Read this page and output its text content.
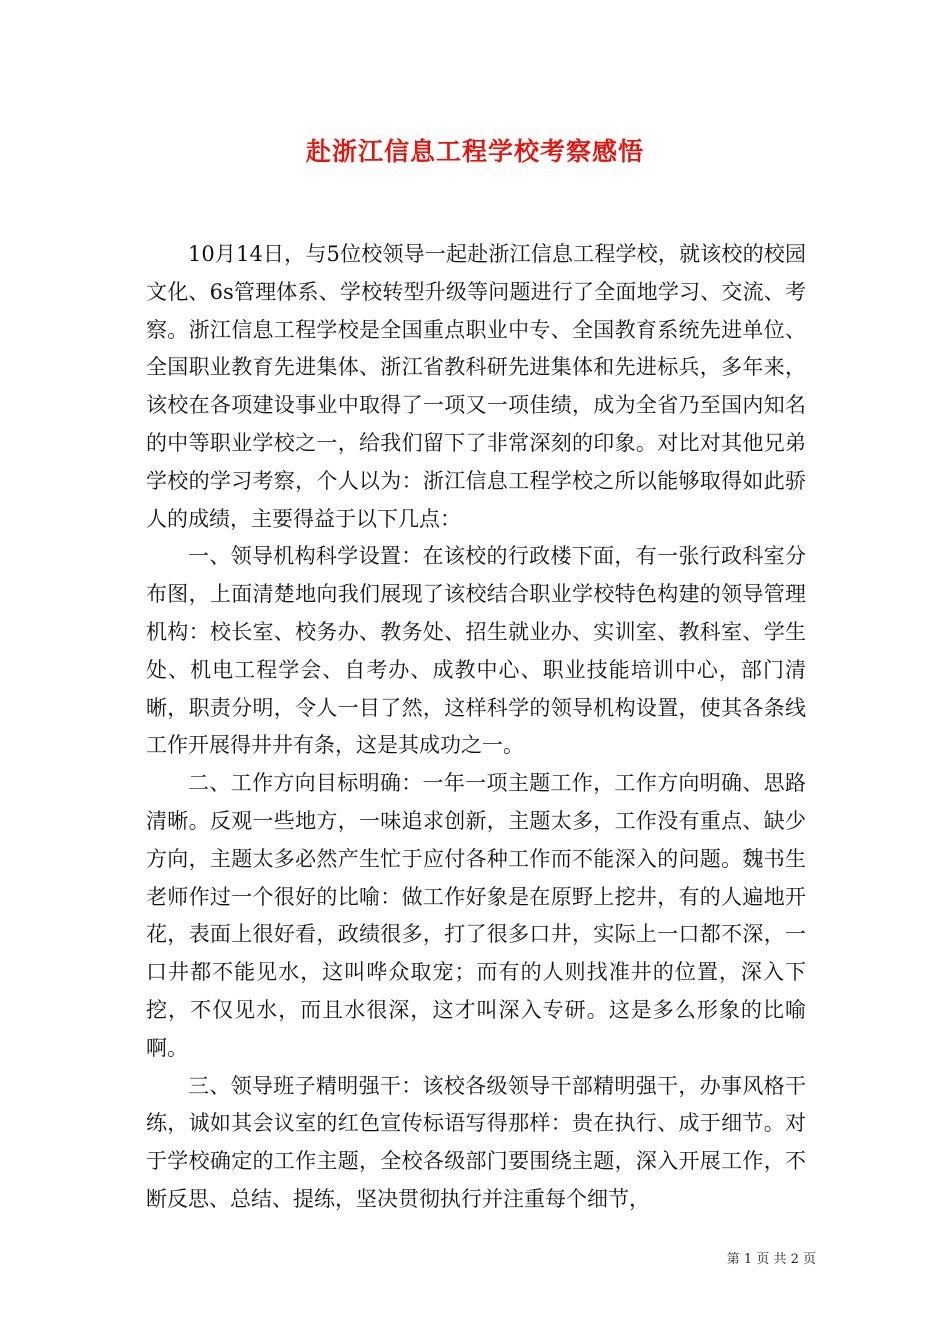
赴浙江信息工程学校考察感悟

10月14日，与5位校领导一起赴浙江信息工程学校，就该校的校园文化、6s管理体系、学校转型升级等问题进行了全面地学习、交流、考察。浙江信息工程学校是全国重点职业中专、全国教育系统先进单位、全国职业教育先进集体、浙江省教科研先进集体和先进标兵，多年来，该校在各项建设事业中取得了一项又一项佳绩，成为全省乃至国内知名的中等职业学校之一，给我们留下了非常深刻的印象。对比对其他兄弟学校的学习考察，个人以为：浙江信息工程学校之所以能够取得如此骄人的成绩，主要得益于以下几点：

一、领导机构科学设置：在该校的行政楼下面，有一张行政科室分布图，上面清楚地向我们展现了该校结合职业学校特色构建的领导管理机构：校长室、校务办、教务处、招生就业办、实训室、教科室、学生处、机电工程学会、自考办、成教中心、职业技能培训中心，部门清晰，职责分明，令人一目了然，这样科学的领导机构设置，使其各条线工作开展得井井有条，这是其成功之一。

二、工作方向目标明确：一年一项主题工作，工作方向明确、思路清晰。反观一些地方，一味追求创新，主题太多，工作没有重点、缺少方向，主题太多必然产生忙于应付各种工作而不能深入的问题。魏书生老师作过一个很好的比喻：做工作好象是在原野上挖井，有的人遍地开花，表面上很好看，政绩很多，打了很多口井，实际上一口都不深，一口井都不能见水，这叫哗众取宠；而有的人则找准井的位置，深入下挖，不仅见水，而且水很深，这才叫深入专研。这是多么形象的比喻啊。

三、领导班子精明强干：该校各级领导干部精明强干，办事风格干练，诚如其会议室的红色宣传标语写得那样：贵在执行、成于细节。对于学校确定的工作主题，全校各级部门要围绕主题，深入开展工作，不断反思、总结、提练，坚决贯彻执行并注重每个细节，

第 1 页 共 2 页
